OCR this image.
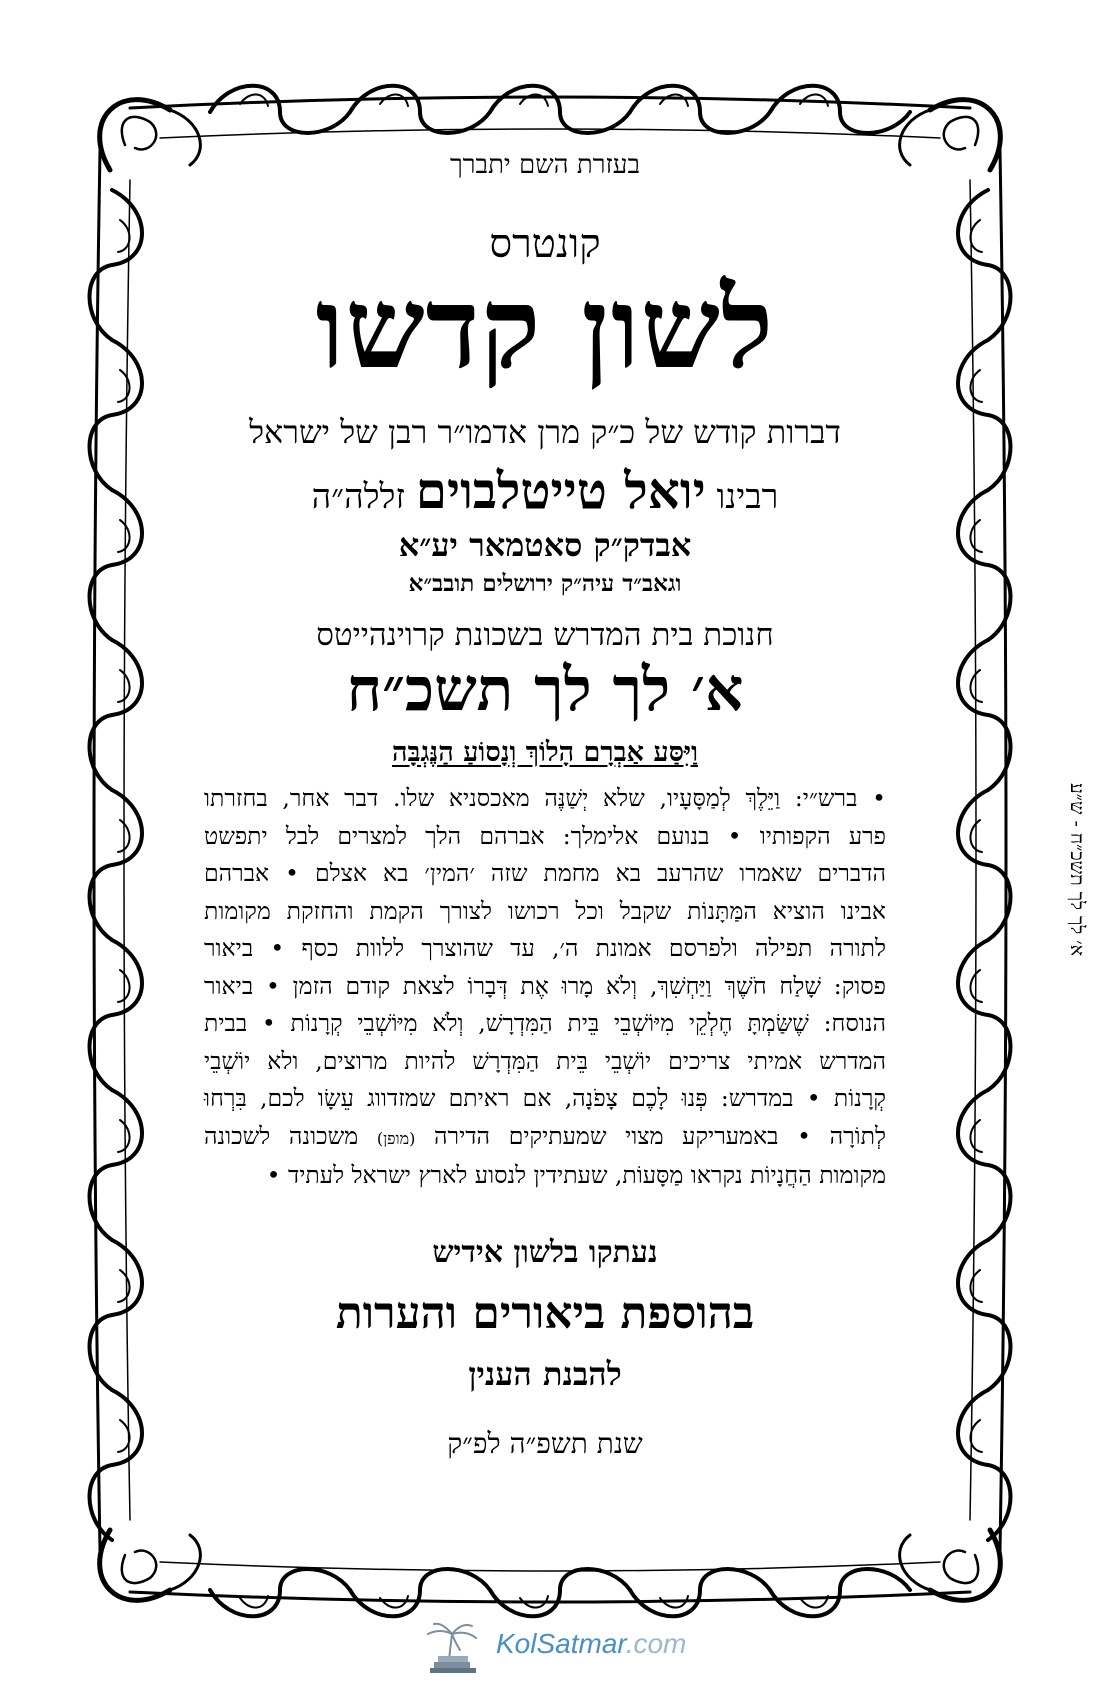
בעזרת השם יתברך
קונטרס
לשון קדשו
דברות קודש של כ״ק מרן אדמו״ר רבן של ישראל
רבינו יואל טייטלבוים זללה״ה
אבדק״ק סאטמאר יע״א
וגאב״ד עיה״ק ירושלים תובב״א
חנוכת בית המדרש בשכונת קרוינהייטס
א׳ לך לך תשכ״ח
וַיִּסַּע אַבְרָם הָלוֹךְ וְנָסוֹעַ הַנֶּגְבָּה
• ברש״י: וַיֵּלֶךְ לְמַסָּעָיו, שלא יְשַׁנֶּה מאכסניא שלו. דבר אחר, בחזרתו
פרע הקפותיו • בנועם אלימלך: אברהם הלך למצרים לבל יתפשט
הדברים שאמרו שהרעב בא מחמת שזה ׳המין׳ בא אצלם • אברהם
אבינו הוציא המַּתָּנוֹת שקבל וכל רכושו לצורך הקמת והחזקת מקומות
לתורה תפילה ולפרסם אמונת ה׳, עד שהוצרך ללוות כסף • ביאור
פסוק: שָׁלַח חֹשֶׁךְ וַיַּחְשִׁךְ, וְלֹא מָרוּ אֶת דְּבָרוֹ לצאת קודם הזמן • ביאור
הנוסח: שֶׁשַּׂמְתָּ חֶלְקֵי מִיּוֹשְׁבֵי בֵּית הַמִּדְרָשׁ, וְלֹא מִיּוֹשְׁבֵי קְרָנוֹת • בבית
המדרש אמיתי צריכים יוֹשְׁבֵי בֵּית הַמִּדְרָשׁ להיות מרוצים, ולא יוֹשְׁבֵי
קְרָנוֹת • במדרש: פְּנוּ לָכֶם צָפֹנָה, אם ראיתם שמזדווג עֵשָׂו לכם, בִּרְחוּ
לְתוֹרָה • באמעריקע מצוי שמעתיקים הדירה (מופן) משכונה לשכונה
מקומות הַחֲנָיוֹת נקראו מַסָּעוֹת, שעתידין לנסוע לארץ ישראל לעתיד •
נעתקו בלשון אידיש
בהוספת ביאורים והערות
להבנת הענין
שנת תשפ״ה לפ״ק
א׳ לך לך תשכ״ח - ש״ע
KolSatmar.com
